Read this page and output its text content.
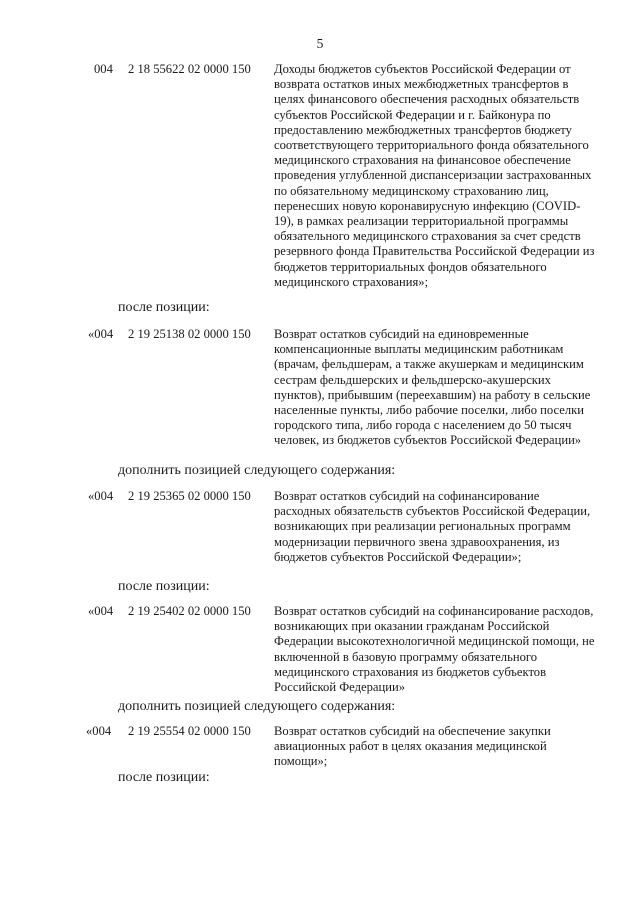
5
004 2 18 55622 02 0000 150 Доходы бюджетов субъектов Российской Федерации от возврата остатков иных межбюджетных трансфертов в целях финансового обеспечения расходных обязательств субъектов Российской Федерации и г. Байконура по предоставлению межбюджетных трансфертов бюджету соответствующего территориального фонда обязательного медицинского страхования на финансовое обеспечение проведения углубленной диспансеризации застрахованных по обязательному медицинскому страхованию лиц, перенесших новую коронавирусную инфекцию (COVID-19), в рамках реализации территориальной программы обязательного медицинского страхования за счет средств резервного фонда Правительства Российской Федерации из бюджетов территориальных фондов обязательного медицинского страхования»;
после позиции:
«004 2 19 25138 02 0000 150 Возврат остатков субсидий на единовременные компенсационные выплаты медицинским работникам (врачам, фельдшерам, а также акушеркам и медицинским сестрам фельдшерских и фельдшерско-акушерских пунктов), прибывшим (переехавшим) на работу в сельские населенные пункты, либо рабочие поселки, либо поселки городского типа, либо города с населением до 50 тысяч человек, из бюджетов субъектов Российской Федерации»
дополнить позицией следующего содержания:
«004 2 19 25365 02 0000 150 Возврат остатков субсидий на софинансирование расходных обязательств субъектов Российской Федерации, возникающих при реализации региональных программ модернизации первичного звена здравоохранения, из бюджетов субъектов Российской Федерации»;
после позиции:
«004 2 19 25402 02 0000 150 Возврат остатков субсидий на софинансирование расходов, возникающих при оказании гражданам Российской Федерации высокотехнологичной медицинской помощи, не включенной в базовую программу обязательного медицинского страхования из бюджетов субъектов Российской Федерации»
дополнить позицией следующего содержания:
«004 2 19 25554 02 0000 150 Возврат остатков субсидий на обеспечение закупки авиационных работ в целях оказания медицинской помощи»;
после позиции:
